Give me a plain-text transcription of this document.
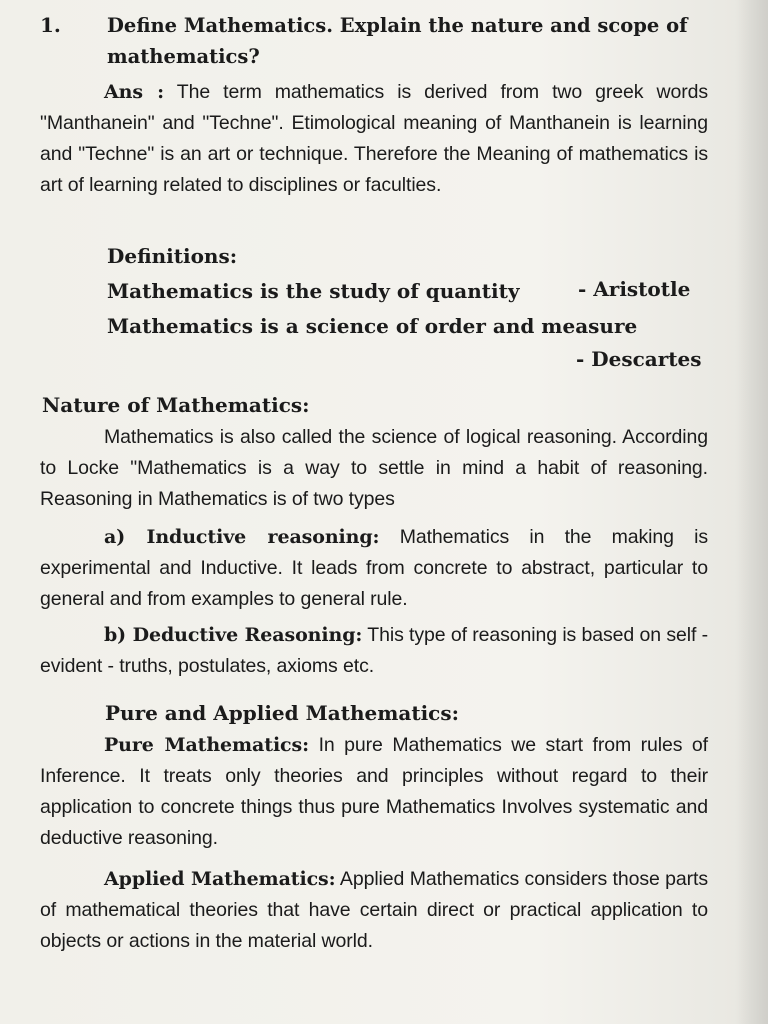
1. Define Mathematics. Explain the nature and scope of mathematics?
Ans : The term mathematics is derived from two greek words "Manthanein" and "Techne". Etimological meaning of Manthanein is learning and "Techne" is an art or technique. Therefore the Meaning of mathematics is art of learning related to disciplines or faculties.
Definitions:
Mathematics is the study of quantity	- Aristotle
Mathematics is a science of order and measure
- Descartes
Nature of Mathematics:
Mathematics is also called the science of logical reasoning. According to Locke "Mathematics is a way to settle in mind a habit of reasoning. Reasoning in Mathematics is of two types
a) Inductive reasoning: Mathematics in the making is experimental and Inductive. It leads from concrete to abstract, particular to general and from examples to general rule.
b) Deductive Reasoning: This type of reasoning is based on self - evident - truths, postulates, axioms etc.
Pure and Applied Mathematics:
Pure Mathematics: In pure Mathematics we start from rules of Inference. It treats only theories and principles without regard to their application to concrete things thus pure Mathematics Involves systematic and deductive reasoning.
Applied Mathematics: Applied Mathematics considers those parts of mathematical theories that have certain direct or practical application to objects or actions in the material world.
